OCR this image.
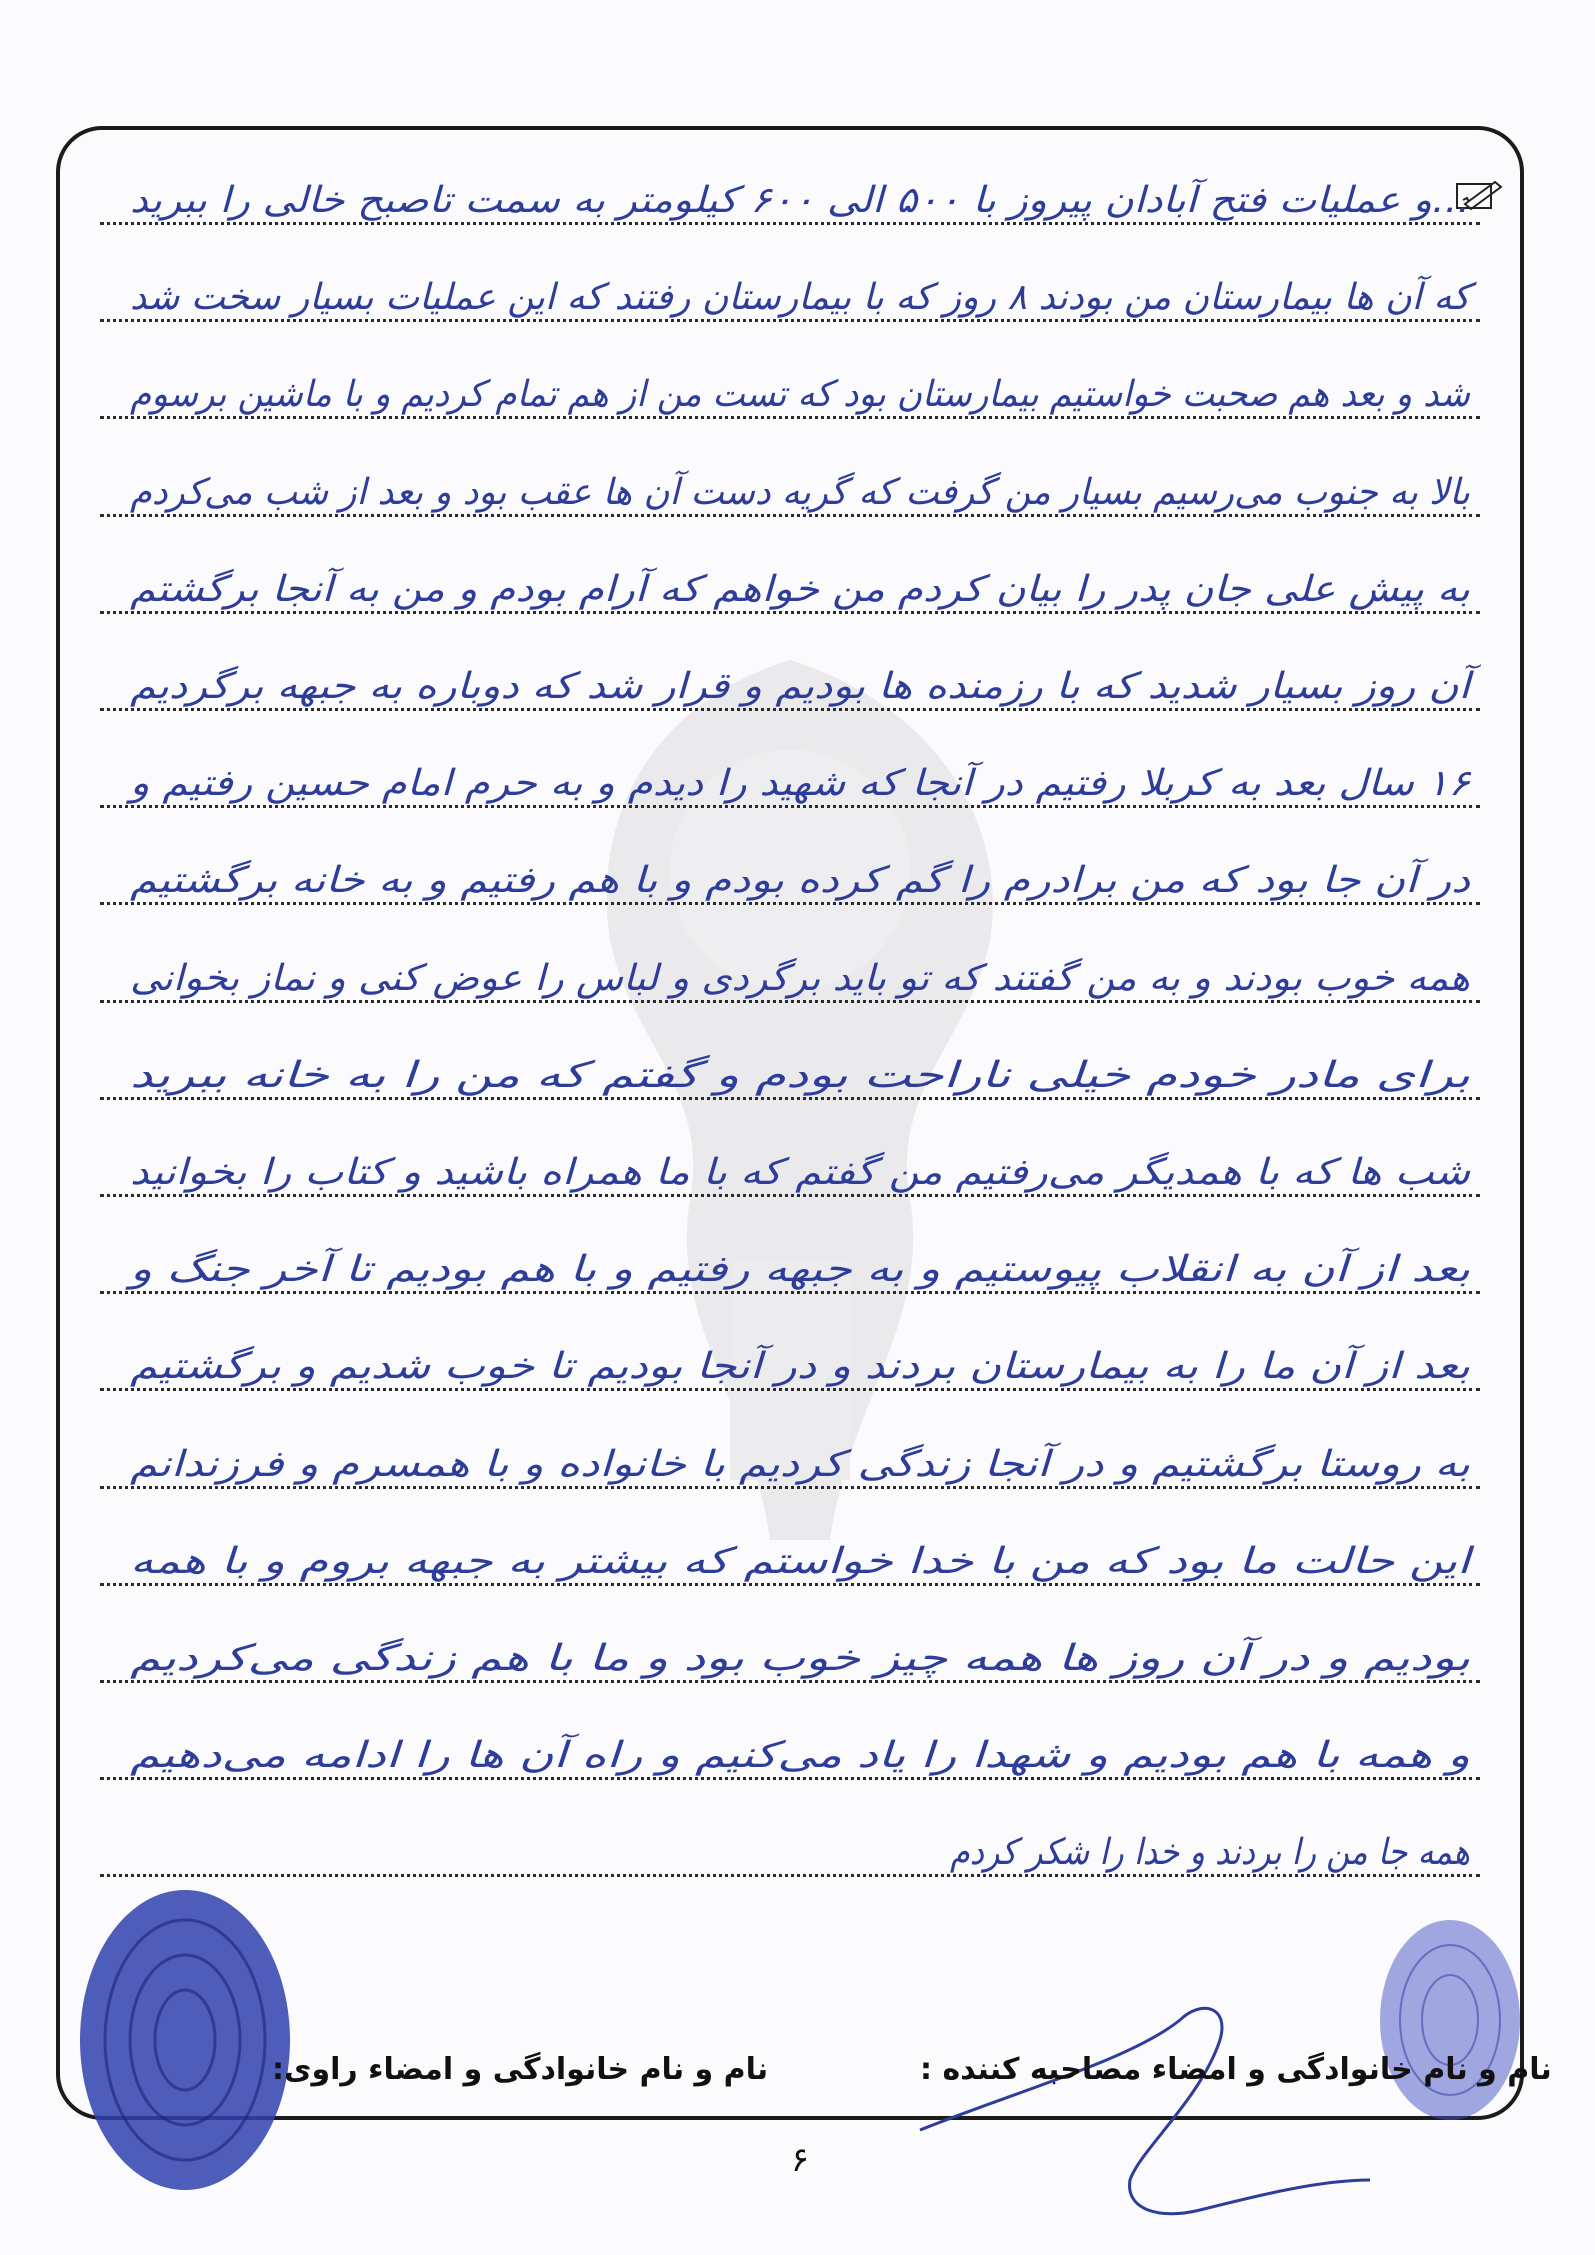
...و عملیات فتح آبادان پیروز با ۵۰۰ الی ۶۰۰ کیلومتر به سمت تاصبح خالی را ببرید
که آن ها بیمارستان من بودند ۸ روز که با بیمارستان رفتند که این عملیات بسیار سخت شد
شد و بعد هم صحبت خواستیم بیمارستان بود که تست من از هم تمام کردیم و با ماشین برسوم
بالا به جنوب می‌رسیم بسیار من گرفت که گریه دست آن ها عقب بود و بعد از شب می‌کردم
به پیش علی جان پدر را بیان کردم من خواهم که آرام بودم و من به آنجا برگشتم
آن روز بسیار شدید که با رزمنده ها بودیم و قرار شد که دوباره به جبهه برگردیم
۱۶ سال بعد به کربلا رفتیم در آنجا که شهید را دیدم و به حرم امام حسین رفتیم و
در آن جا بود که من برادرم را گم کرده بودم و با هم رفتیم و به خانه برگشتیم
همه خوب بودند و به من گفتند که تو باید برگردی و لباس را عوض کنی و نماز بخوانی
برای مادر خودم خیلی ناراحت بودم و گفتم که من را به خانه ببرید
شب ها که با همدیگر می‌رفتیم من گفتم که با ما همراه باشید و کتاب را بخوانید
بعد از آن به انقلاب پیوستیم و به جبهه رفتیم و با هم بودیم تا آخر جنگ و
بعد از آن ما را به بیمارستان بردند و در آنجا بودیم تا خوب شدیم و برگشتیم
به روستا برگشتیم و در آنجا زندگی کردیم با خانواده و با همسرم و فرزندانم
این حالت ما بود که من با خدا خواستم که بیشتر به جبهه بروم و با همه
بودیم و در آن روز ها همه چیز خوب بود و ما با هم زندگی می‌کردیم
و همه با هم بودیم و شهدا را یاد می‌کنیم و راه آن ها را ادامه می‌دهیم
همه جا من را بردند و خدا را شکر کردم
نام و نام خانوادگی و امضاء مصاحبه کننده :
نام و نام خانوادگی و امضاء راوی:
۶
